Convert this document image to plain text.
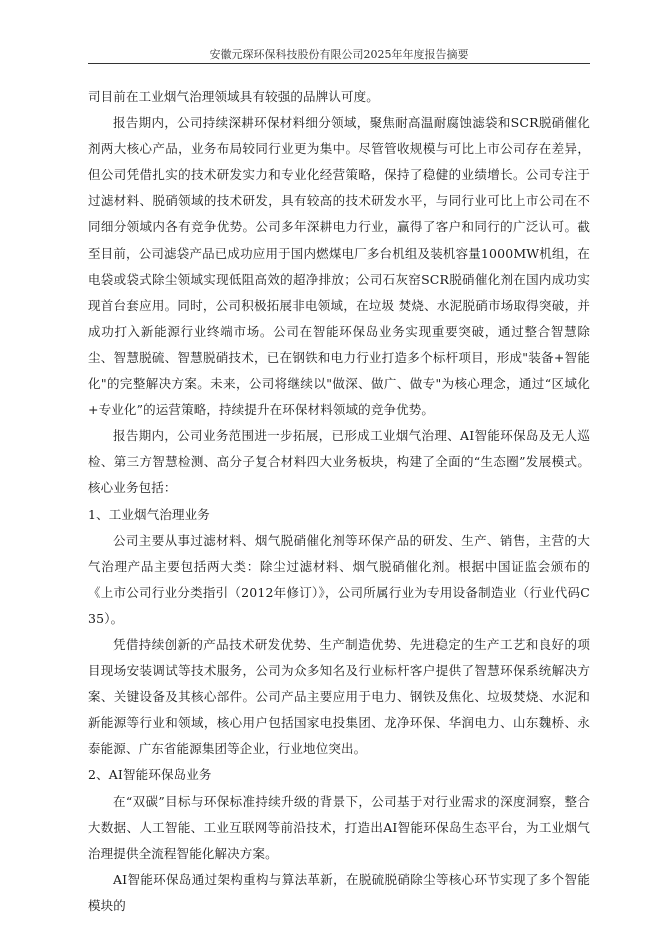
安徽元琛环保科技股份有限公司2025年年度报告摘要

司目前在工业烟气治理领域具有较强的品牌认可度。

报告期内，公司持续深耕环保材料细分领域，聚焦耐高温耐腐蚀滤袋和SCR脱硝催化剂两大核心产品，业务布局较同行业更为集中。尽管管收规模与可比上市公司存在差异，但公司凭借扎实的技术研发实力和专业化经营策略，保持了稳健的业绩增长。公司专注于过滤材料、脱硝领域的技术研发，具有较高的技术研发水平，与同行业可比上市公司在不同细分领域内各有竞争优势。公司多年深耕电力行业，赢得了客户和同行的广泛认可。截至目前，公司滤袋产品已成功应用于国内燃煤电厂多台机组及装机容量1000MW机组，在电袋或袋式除尘领域实现低阻高效的超净排放；公司石灰窑SCR脱硝催化剂在国内成功实现首台套应用。同时，公司积极拓展非电领域，在垃圾 焚烧、水泥脱硝市场取得突破，并成功打入新能源行业终端市场。公司在智能环保岛业务实现重要突破，通过整合智慧除尘、智慧脱硫、智慧脱硝技术，已在钢铁和电力行业打造多个标杆项目，形成"装备+智能化"的完整解决方案。未来，公司将继续以"做深、做广、做专"为核心理念，通过“区域化+专业化”的运营策略，持续提升在环保材料领域的竞争优势。

报告期内，公司业务范围进一步拓展，已形成工业烟气治理、AI智能环保岛及无人巡检、第三方智慧检测、高分子复合材料四大业务板块，构建了全面的“生态圈”发展模式。核心业务包括：

1、工业烟气治理业务

公司主要从事过滤材料、烟气脱硝催化剂等环保产品的研发、生产、销售，主营的大气治理产品主要包括两大类：除尘过滤材料、烟气脱硝催化剂。根据中国证监会颁布的《上市公司行业分类指引（2012年修订）》，公司所属行业为专用设备制造业（行业代码C35）。

凭借持续创新的产品技术研发优势、生产制造优势、先进稳定的生产工艺和良好的项目现场安装调试等技术服务，公司为众多知名及行业标杆客户提供了智慧环保系统解决方案、关键设备及其核心部件。公司产品主要应用于电力、钢铁及焦化、垃圾焚烧、水泥和新能源等行业和领域，核心用户包括国家电投集团、龙净环保、华润电力、山东魏桥、永泰能源、广东省能源集团等企业，行业地位突出。

2、AI智能环保岛业务

在“双碳”目标与环保标准持续升级的背景下，公司基于对行业需求的深度洞察，整合大数据、人工智能、工业互联网等前沿技术，打造出AI智能环保岛生态平台，为工业烟气治理提供全流程智能化解决方案。

AI智能环保岛通过架构重构与算法革新，在脱硫脱硝除尘等核心环节实现了多个智能模块的
